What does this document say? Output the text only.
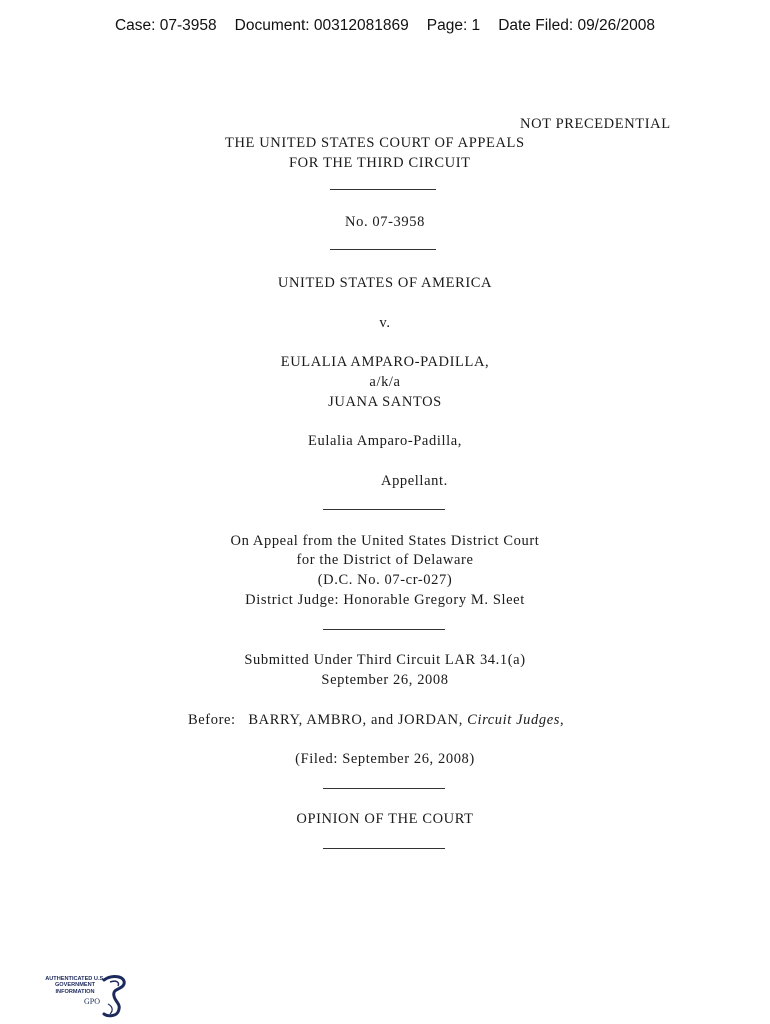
Case: 07-3958 Document: 00312081869 Page: 1 Date Filed: 09/26/2008
NOT PRECEDENTIAL
THE UNITED STATES COURT OF APPEALS
FOR THE THIRD CIRCUIT
No. 07-3958
UNITED STATES OF AMERICA
v.
EULALIA AMPARO-PADILLA,
a/k/a
JUANA SANTOS
Eulalia Amparo-Padilla,
Appellant.
On Appeal from the United States District Court
for the District of Delaware
(D.C. No. 07-cr-027)
District Judge: Honorable Gregory M. Sleet
Submitted Under Third Circuit LAR 34.1(a)
September 26, 2008
Before: BARRY, AMBRO, and JORDAN, Circuit Judges,
(Filed: September 26, 2008)
OPINION OF THE COURT
AUTHENTICATED U.S. GOVERNMENT INFORMATION
GPO
